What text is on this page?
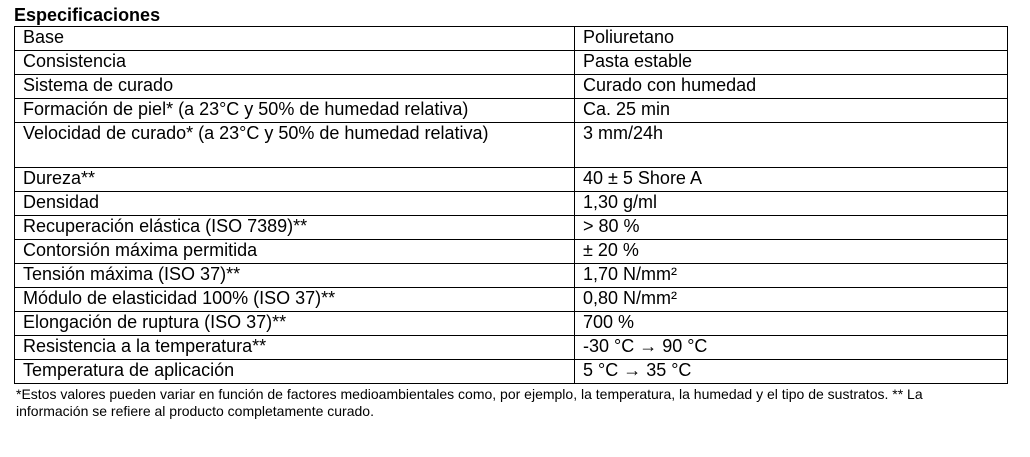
Especificaciones
Base	Poliuretano
Consistencia	Pasta estable
Sistema de curado	Curado con humedad
Formación de piel* (a 23°C y 50% de humedad relativa)	Ca. 25 min
Velocidad de curado* (a 23°C y 50% de humedad relativa)	3 mm/24h
Dureza**	40 ± 5 Shore A
Densidad	1,30 g/ml
Recuperación elástica (ISO 7389)**	> 80 %
Contorsión máxima permitida	± 20 %
Tensión máxima (ISO 37)**	1,70 N/mm²
Módulo de elasticidad 100% (ISO 37)**	0,80 N/mm²
Elongación de ruptura (ISO 37)**	700 %
Resistencia a la temperatura**	-30 °C → 90 °C
Temperatura de aplicación	5 °C → 35 °C
*Estos valores pueden variar en función de factores medioambientales como, por ejemplo, la temperatura, la humedad y el tipo de sustratos. ** La información se refiere al producto completamente curado.
